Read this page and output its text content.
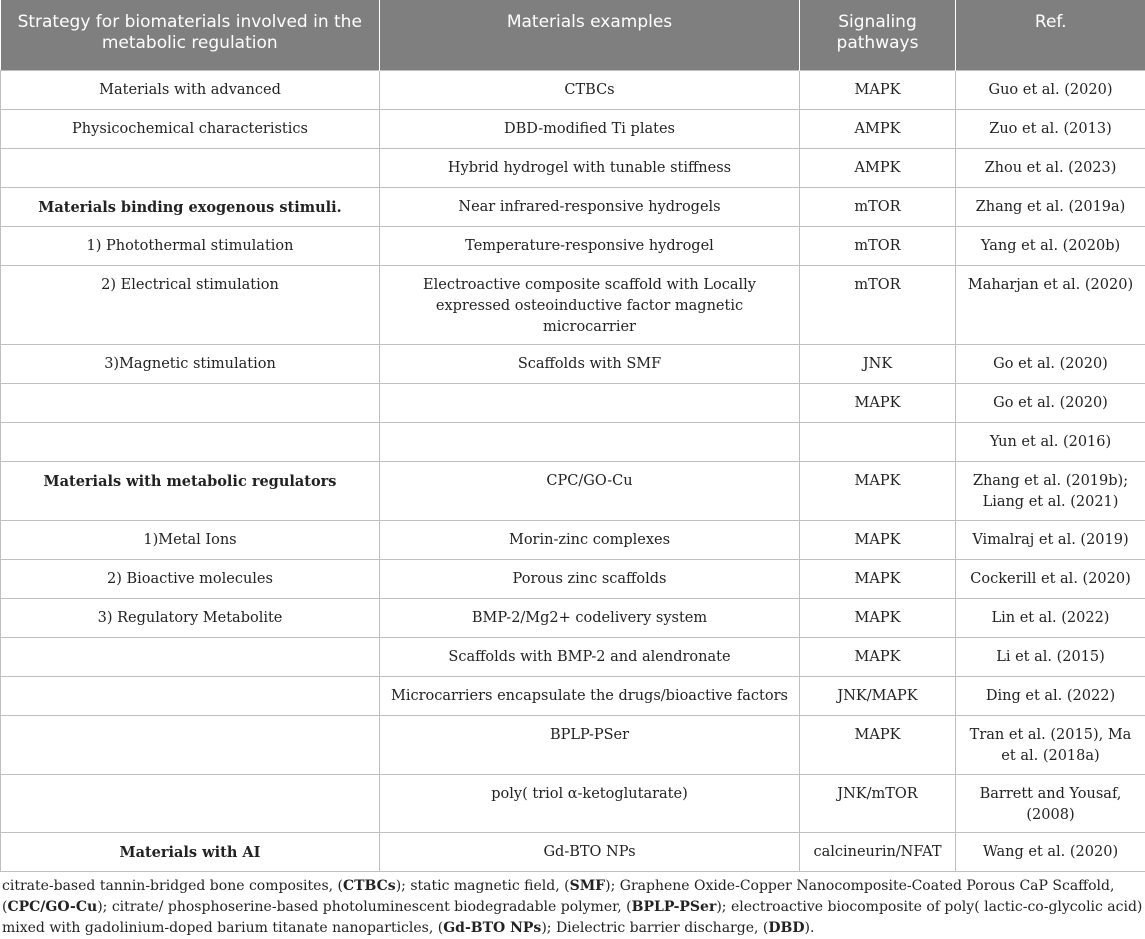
Strategy for biomaterials involved in the metabolic regulation	Materials examples	Signaling pathways	Ref.
Materials with advanced	CTBCs	MAPK	Guo et al. (2020)
Physicochemical characteristics	DBD-modified Ti plates	AMPK	Zuo et al. (2013)
	Hybrid hydrogel with tunable stiffness	AMPK	Zhou et al. (2023)
Materials binding exogenous stimuli.	Near infrared-responsive hydrogels	mTOR	Zhang et al. (2019a)
1) Photothermal stimulation	Temperature-responsive hydrogel	mTOR	Yang et al. (2020b)
2) Electrical stimulation	Electroactive composite scaffold with Locally expressed osteoinductive factor magnetic microcarrier	mTOR	Maharjan et al. (2020)
3)Magnetic stimulation	Scaffolds with SMF	JNK	Go et al. (2020)
		MAPK	Go et al. (2020)
			Yun et al. (2016)
Materials with metabolic regulators	CPC/GO-Cu	MAPK	Zhang et al. (2019b); Liang et al. (2021)
1)Metal Ions	Morin-zinc complexes	MAPK	Vimalraj et al. (2019)
2) Bioactive molecules	Porous zinc scaffolds	MAPK	Cockerill et al. (2020)
3) Regulatory Metabolite	BMP-2/Mg2+ codelivery system	MAPK	Lin et al. (2022)
	Scaffolds with BMP-2 and alendronate	MAPK	Li et al. (2015)
	Microcarriers encapsulate the drugs/bioactive factors	JNK/MAPK	Ding et al. (2022)
	BPLP-PSer	MAPK	Tran et al. (2015), Ma et al. (2018a)
	poly( triol α-ketoglutarate)	JNK/mTOR	Barrett and Yousaf, (2008)
Materials with AI	Gd-BTO NPs	calcineurin/NFAT	Wang et al. (2020)
citrate-based tannin-bridged bone composites, (CTBCs); static magnetic field, (SMF); Graphene Oxide-Copper Nanocomposite-Coated Porous CaP Scaffold, (CPC/GO-Cu); citrate/ phosphoserine-based photoluminescent biodegradable polymer, (BPLP-PSer); electroactive biocomposite of poly( lactic-co-glycolic acid) mixed with gadolinium-doped barium titanate nanoparticles, (Gd-BTO NPs); Dielectric barrier discharge, (DBD).
